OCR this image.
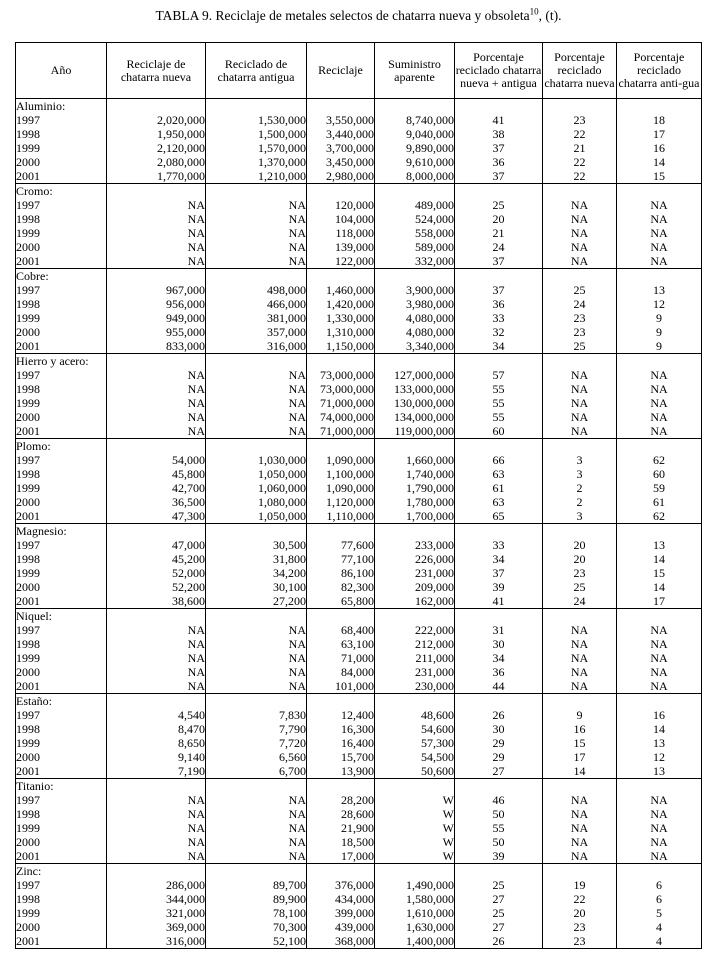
TABLA 9. Reciclaje de metales selectos de chatarra nueva y obsoleta$^{10}$, (t).

Año	Reciclaje de chatarra nueva	Reciclado de chatarra antigua	Reciclaje	Suministro aparente	Porcentaje reciclado chatarra nueva + antigua	Porcentaje reciclado chatarra nueva	Porcentaje reciclado chatarra anti-gua
Aluminio:							
1997	2,020,000	1,530,000	3,550,000	8,740,000	41	23	18
1998	1,950,000	1,500,000	3,440,000	9,040,000	38	22	17
1999	2,120,000	1,570,000	3,700,000	9,890,000	37	21	16
2000	2,080,000	1,370,000	3,450,000	9,610,000	36	22	14
2001	1,770,000	1,210,000	2,980,000	8,000,000	37	22	15
Cromo:							
1997	NA	NA	120,000	489,000	25	NA	NA
1998	NA	NA	104,000	524,000	20	NA	NA
1999	NA	NA	118,000	558,000	21	NA	NA
2000	NA	NA	139,000	589,000	24	NA	NA
2001	NA	NA	122,000	332,000	37	NA	NA
Cobre:							
1997	967,000	498,000	1,460,000	3,900,000	37	25	13
1998	956,000	466,000	1,420,000	3,980,000	36	24	12
1999	949,000	381,000	1,330,000	4,080,000	33	23	9
2000	955,000	357,000	1,310,000	4,080,000	32	23	9
2001	833,000	316,000	1,150,000	3,340,000	34	25	9
Hierro y acero:							
1997	NA	NA	73,000,000	127,000,000	57	NA	NA
1998	NA	NA	73,000,000	133,000,000	55	NA	NA
1999	NA	NA	71,000,000	130,000,000	55	NA	NA
2000	NA	NA	74,000,000	134,000,000	55	NA	NA
2001	NA	NA	71,000,000	119,000,000	60	NA	NA
Plomo:							
1997	54,000	1,030,000	1,090,000	1,660,000	66	3	62
1998	45,800	1,050,000	1,100,000	1,740,000	63	3	60
1999	42,700	1,060,000	1,090,000	1,790,000	61	2	59
2000	36,500	1,080,000	1,120,000	1,780,000	63	2	61
2001	47,300	1,050,000	1,110,000	1,700,000	65	3	62
Magnesio:							
1997	47,000	30,500	77,600	233,000	33	20	13
1998	45,200	31,800	77,100	226,000	34	20	14
1999	52,000	34,200	86,100	231,000	37	23	15
2000	52,200	30,100	82,300	209,000	39	25	14
2001	38,600	27,200	65,800	162,000	41	24	17
Niquel:							
1997	NA	NA	68,400	222,000	31	NA	NA
1998	NA	NA	63,100	212,000	30	NA	NA
1999	NA	NA	71,000	211,000	34	NA	NA
2000	NA	NA	84,000	231,000	36	NA	NA
2001	NA	NA	101,000	230,000	44	NA	NA
Estaño:							
1997	4,540	7,830	12,400	48,600	26	9	16
1998	8,470	7,790	16,300	54,600	30	16	14
1999	8,650	7,720	16,400	57,300	29	15	13
2000	9,140	6,560	15,700	54,500	29	17	12
2001	7,190	6,700	13,900	50,600	27	14	13
Titanio:							
1997	NA	NA	28,200	W	46	NA	NA
1998	NA	NA	28,600	W	50	NA	NA
1999	NA	NA	21,900	W	55	NA	NA
2000	NA	NA	18,500	W	50	NA	NA
2001	NA	NA	17,000	W	39	NA	NA
Zinc:							
1997	286,000	89,700	376,000	1,490,000	25	19	6
1998	344,000	89,900	434,000	1,580,000	27	22	6
1999	321,000	78,100	399,000	1,610,000	25	20	5
2000	369,000	70,300	439,000	1,630,000	27	23	4
2001	316,000	52,100	368,000	1,400,000	26	23	4
